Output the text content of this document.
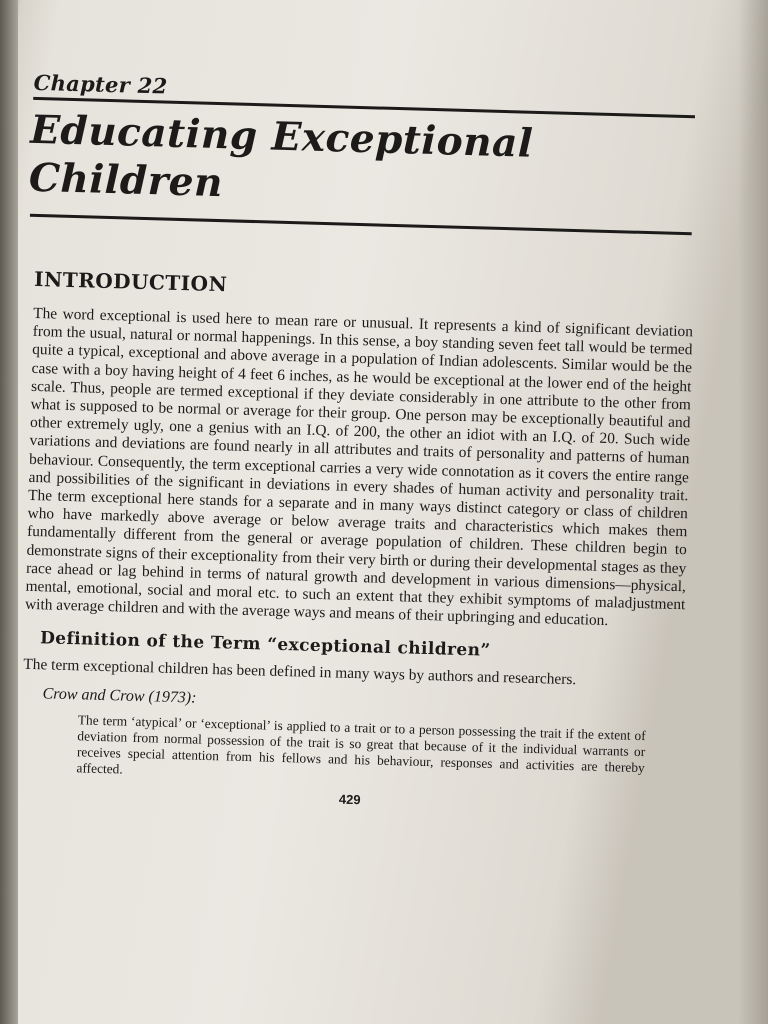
Chapter 22
Educating Exceptional Children
INTRODUCTION

The word exceptional is used here to mean rare or unusual. It represents a kind of significant deviation from the usual, natural or normal happenings. In this sense, a boy standing seven feet tall would be termed quite a typical, exceptional and above average in a population of Indian adolescents. Similar would be the case with a boy having height of 4 feet 6 inches, as he would be exceptional at the lower end of the height scale. Thus, people are termed exceptional if they deviate considerably in one attribute to the other from what is supposed to be normal or average for their group. One person may be exceptionally beautiful and other extremely ugly, one a genius with an I.Q. of 200, the other an idiot with an I.Q. of 20. Such wide variations and deviations are found nearly in all attributes and traits of personality and patterns of human behaviour. Consequently, the term exceptional carries a very wide connotation as it covers the entire range and possibilities of the significant in deviations in every shades of human activity and personality trait. The term exceptional here stands for a separate and in many ways distinct category or class of children who have markedly above average or below average traits and characteristics which makes them fundamentally different from the general or average population of children. These children begin to demonstrate signs of their exceptionality from their very birth or during their developmental stages as they race ahead or lag behind in terms of natural growth and development in various dimensions—physical, mental, emotional, social and moral etc. to such an extent that they exhibit symptoms of maladjustment with average children and with the average ways and means of their upbringing and education.

Definition of the Term “exceptional children”

The term exceptional children has been defined in many ways by authors and researchers.

Crow and Crow (1973):

The term ‘atypical’ or ‘exceptional’ is applied to a trait or to a person possessing the trait if the extent of deviation from normal possession of the trait is so great that because of it the individual warrants or receives special attention from his fellows and his behaviour, responses and activities are thereby affected.

429
